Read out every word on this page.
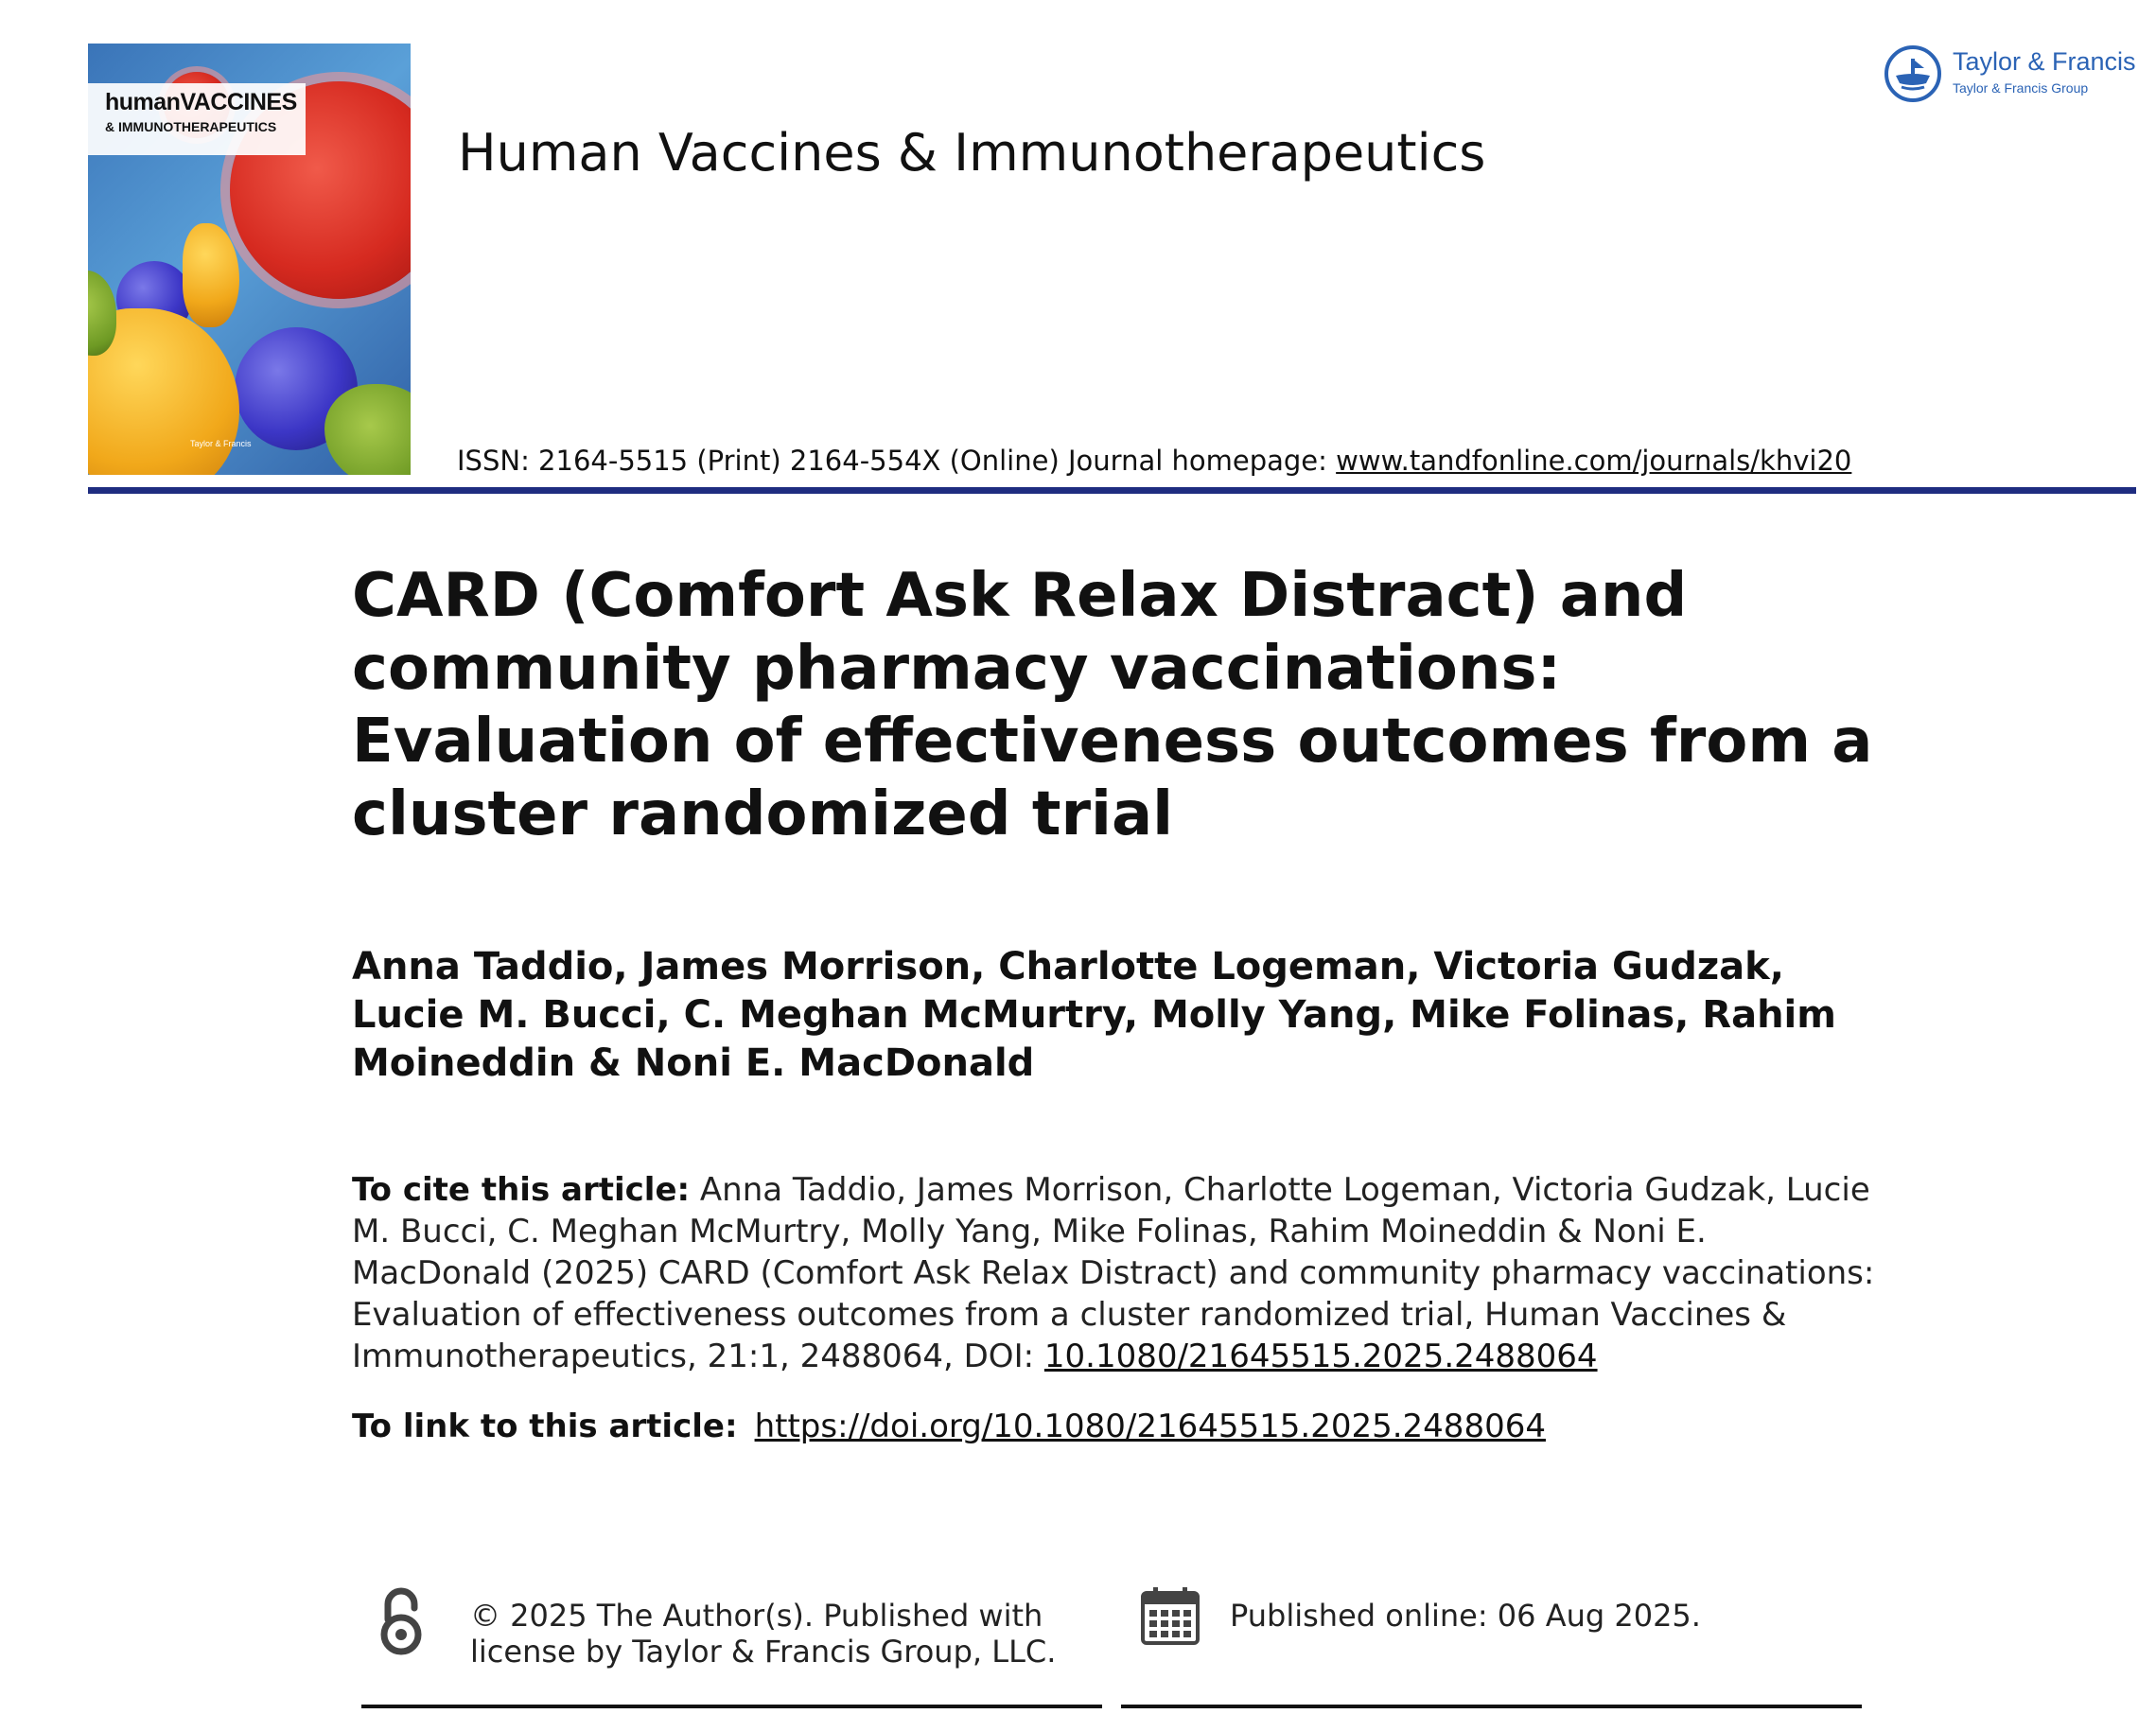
humanVACCINES
& IMMUNOTHERAPEUTICS
Taylor & Francis
Human Vaccines & Immunotherapeutics
Taylor & Francis
Taylor & Francis Group
ISSN: 2164-5515 (Print) 2164-554X (Online) Journal homepage: www.tandfonline.com/journals/khvi20
CARD (Comfort Ask Relax Distract) and community pharmacy vaccinations: Evaluation of effectiveness outcomes from a cluster randomized trial
Anna Taddio, James Morrison, Charlotte Logeman, Victoria Gudzak, Lucie M. Bucci, C. Meghan McMurtry, Molly Yang, Mike Folinas, Rahim Moineddin & Noni E. MacDonald
To cite this article: Anna Taddio, James Morrison, Charlotte Logeman, Victoria Gudzak, Lucie M. Bucci, C. Meghan McMurtry, Molly Yang, Mike Folinas, Rahim Moineddin & Noni E. MacDonald (2025) CARD (Comfort Ask Relax Distract) and community pharmacy vaccinations: Evaluation of effectiveness outcomes from a cluster randomized trial, Human Vaccines & Immunotherapeutics, 21:1, 2488064, DOI: 10.1080/21645515.2025.2488064
To link to this article: https://doi.org/10.1080/21645515.2025.2488064
© 2025 The Author(s). Published with license by Taylor & Francis Group, LLC.
Published online: 06 Aug 2025.
